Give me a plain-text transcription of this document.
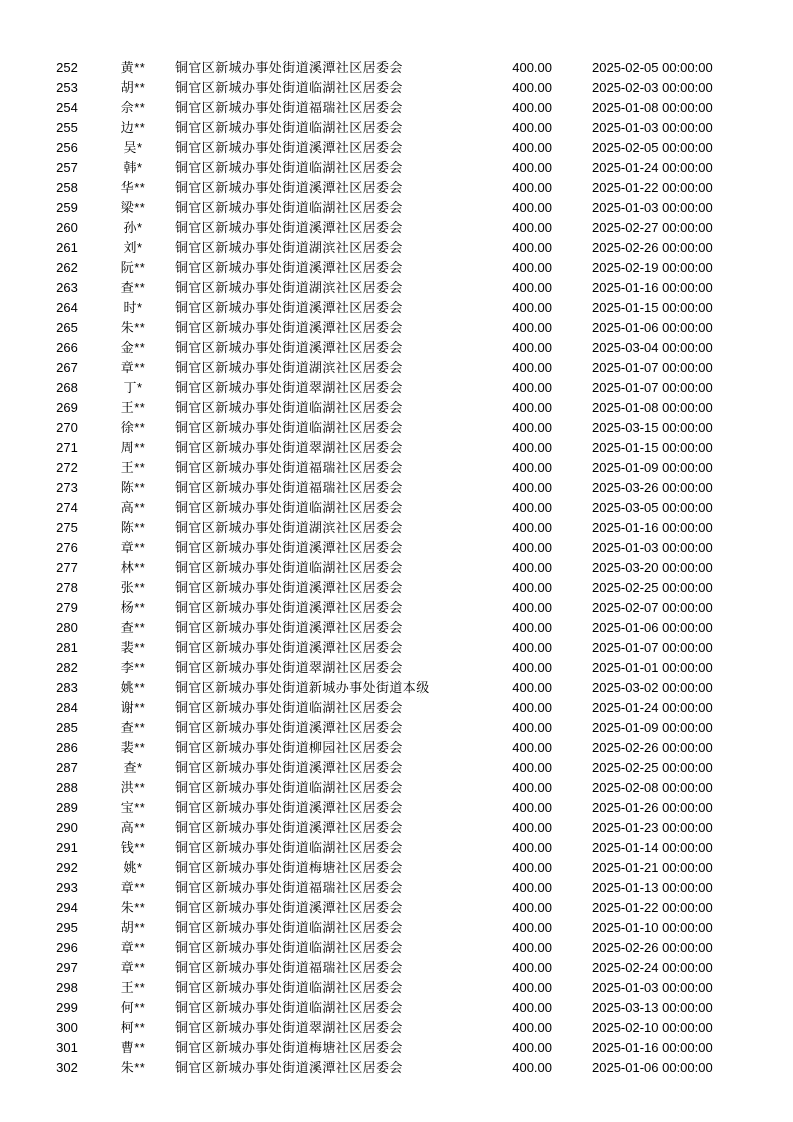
252	黄**	铜官区新城办事处街道溪潭社区居委会	400.00	2025-02-05 00:00:00
253	胡**	铜官区新城办事处街道临湖社区居委会	400.00	2025-02-03 00:00:00
254	佘**	铜官区新城办事处街道福瑞社区居委会	400.00	2025-01-08 00:00:00
255	边**	铜官区新城办事处街道临湖社区居委会	400.00	2025-01-03 00:00:00
256	吴*	铜官区新城办事处街道溪潭社区居委会	400.00	2025-02-05 00:00:00
257	韩*	铜官区新城办事处街道临湖社区居委会	400.00	2025-01-24 00:00:00
258	华**	铜官区新城办事处街道溪潭社区居委会	400.00	2025-01-22 00:00:00
259	梁**	铜官区新城办事处街道临湖社区居委会	400.00	2025-01-03 00:00:00
260	孙*	铜官区新城办事处街道溪潭社区居委会	400.00	2025-02-27 00:00:00
261	刘*	铜官区新城办事处街道湖滨社区居委会	400.00	2025-02-26 00:00:00
262	阮**	铜官区新城办事处街道溪潭社区居委会	400.00	2025-02-19 00:00:00
263	查**	铜官区新城办事处街道湖滨社区居委会	400.00	2025-01-16 00:00:00
264	时*	铜官区新城办事处街道溪潭社区居委会	400.00	2025-01-15 00:00:00
265	朱**	铜官区新城办事处街道溪潭社区居委会	400.00	2025-01-06 00:00:00
266	金**	铜官区新城办事处街道溪潭社区居委会	400.00	2025-03-04 00:00:00
267	章**	铜官区新城办事处街道湖滨社区居委会	400.00	2025-01-07 00:00:00
268	丁*	铜官区新城办事处街道翠湖社区居委会	400.00	2025-01-07 00:00:00
269	王**	铜官区新城办事处街道临湖社区居委会	400.00	2025-01-08 00:00:00
270	徐**	铜官区新城办事处街道临湖社区居委会	400.00	2025-03-15 00:00:00
271	周**	铜官区新城办事处街道翠湖社区居委会	400.00	2025-01-15 00:00:00
272	王**	铜官区新城办事处街道福瑞社区居委会	400.00	2025-01-09 00:00:00
273	陈**	铜官区新城办事处街道福瑞社区居委会	400.00	2025-03-26 00:00:00
274	高**	铜官区新城办事处街道临湖社区居委会	400.00	2025-03-05 00:00:00
275	陈**	铜官区新城办事处街道湖滨社区居委会	400.00	2025-01-16 00:00:00
276	章**	铜官区新城办事处街道溪潭社区居委会	400.00	2025-01-03 00:00:00
277	林**	铜官区新城办事处街道临湖社区居委会	400.00	2025-03-20 00:00:00
278	张**	铜官区新城办事处街道溪潭社区居委会	400.00	2025-02-25 00:00:00
279	杨**	铜官区新城办事处街道溪潭社区居委会	400.00	2025-02-07 00:00:00
280	查**	铜官区新城办事处街道溪潭社区居委会	400.00	2025-01-06 00:00:00
281	裴**	铜官区新城办事处街道溪潭社区居委会	400.00	2025-01-07 00:00:00
282	李**	铜官区新城办事处街道翠湖社区居委会	400.00	2025-01-01 00:00:00
283	姚**	铜官区新城办事处街道新城办事处街道本级	400.00	2025-03-02 00:00:00
284	谢**	铜官区新城办事处街道临湖社区居委会	400.00	2025-01-24 00:00:00
285	查**	铜官区新城办事处街道溪潭社区居委会	400.00	2025-01-09 00:00:00
286	裴**	铜官区新城办事处街道柳园社区居委会	400.00	2025-02-26 00:00:00
287	查*	铜官区新城办事处街道溪潭社区居委会	400.00	2025-02-25 00:00:00
288	洪**	铜官区新城办事处街道临湖社区居委会	400.00	2025-02-08 00:00:00
289	宝**	铜官区新城办事处街道溪潭社区居委会	400.00	2025-01-26 00:00:00
290	高**	铜官区新城办事处街道溪潭社区居委会	400.00	2025-01-23 00:00:00
291	钱**	铜官区新城办事处街道临湖社区居委会	400.00	2025-01-14 00:00:00
292	姚*	铜官区新城办事处街道梅塘社区居委会	400.00	2025-01-21 00:00:00
293	章**	铜官区新城办事处街道福瑞社区居委会	400.00	2025-01-13 00:00:00
294	朱**	铜官区新城办事处街道溪潭社区居委会	400.00	2025-01-22 00:00:00
295	胡**	铜官区新城办事处街道临湖社区居委会	400.00	2025-01-10 00:00:00
296	章**	铜官区新城办事处街道临湖社区居委会	400.00	2025-02-26 00:00:00
297	章**	铜官区新城办事处街道福瑞社区居委会	400.00	2025-02-24 00:00:00
298	王**	铜官区新城办事处街道临湖社区居委会	400.00	2025-01-03 00:00:00
299	何**	铜官区新城办事处街道临湖社区居委会	400.00	2025-03-13 00:00:00
300	柯**	铜官区新城办事处街道翠湖社区居委会	400.00	2025-02-10 00:00:00
301	曹**	铜官区新城办事处街道梅塘社区居委会	400.00	2025-01-16 00:00:00
302	朱**	铜官区新城办事处街道溪潭社区居委会	400.00	2025-01-06 00:00:00
